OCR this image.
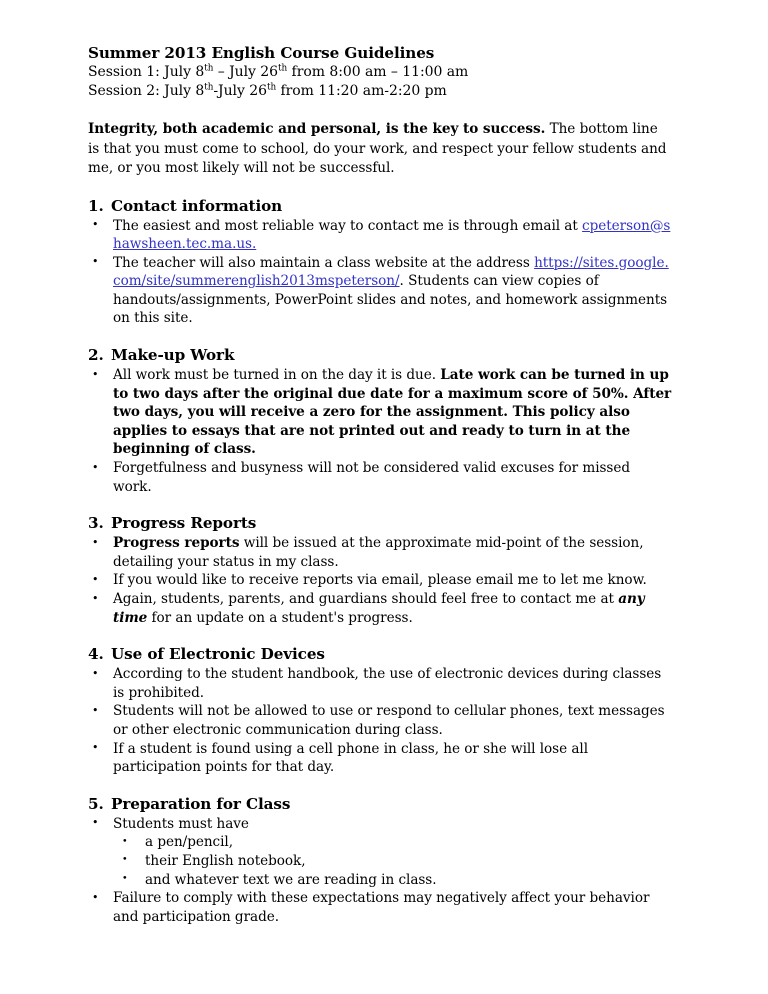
Summer 2013 English Course Guidelines

Session 1: July 8th – July 26th from 8:00 am – 11:00 am

Session 2: July 8th-July 26th from 11:20 am-2:20 pm

Integrity, both academic and personal, is the key to success. The bottom line is that you must come to school, do your work, and respect your fellow students and me, or you most likely will not be successful.

1. Contact information
• The easiest and most reliable way to contact me is through email at cpeterson@shawsheen.tec.ma.us.
• The teacher will also maintain a class website at the address https://sites.google.com/site/summerenglish2013mspeterson/. Students can view copies of handouts/assignments, PowerPoint slides and notes, and homework assignments on this site.
2. Make-up Work
• All work must be turned in on the day it is due. Late work can be turned in up to two days after the original due date for a maximum score of 50%. After two days, you will receive a zero for the assignment. This policy also applies to essays that are not printed out and ready to turn in at the beginning of class.
• Forgetfulness and busyness will not be considered valid excuses for missed work.
3. Progress Reports
• Progress reports will be issued at the approximate mid-point of the session, detailing your status in my class.
• If you would like to receive reports via email, please email me to let me know.
• Again, students, parents, and guardians should feel free to contact me at any time for an update on a student's progress.
4. Use of Electronic Devices
• According to the student handbook, the use of electronic devices during classes is prohibited.
• Students will not be allowed to use or respond to cellular phones, text messages or other electronic communication during class.
• If a student is found using a cell phone in class, he or she will lose all participation points for that day.
5. Preparation for Class
• Students must have
• a pen/pencil,
• their English notebook,
• and whatever text we are reading in class.
• Failure to comply with these expectations may negatively affect your behavior and participation grade.
